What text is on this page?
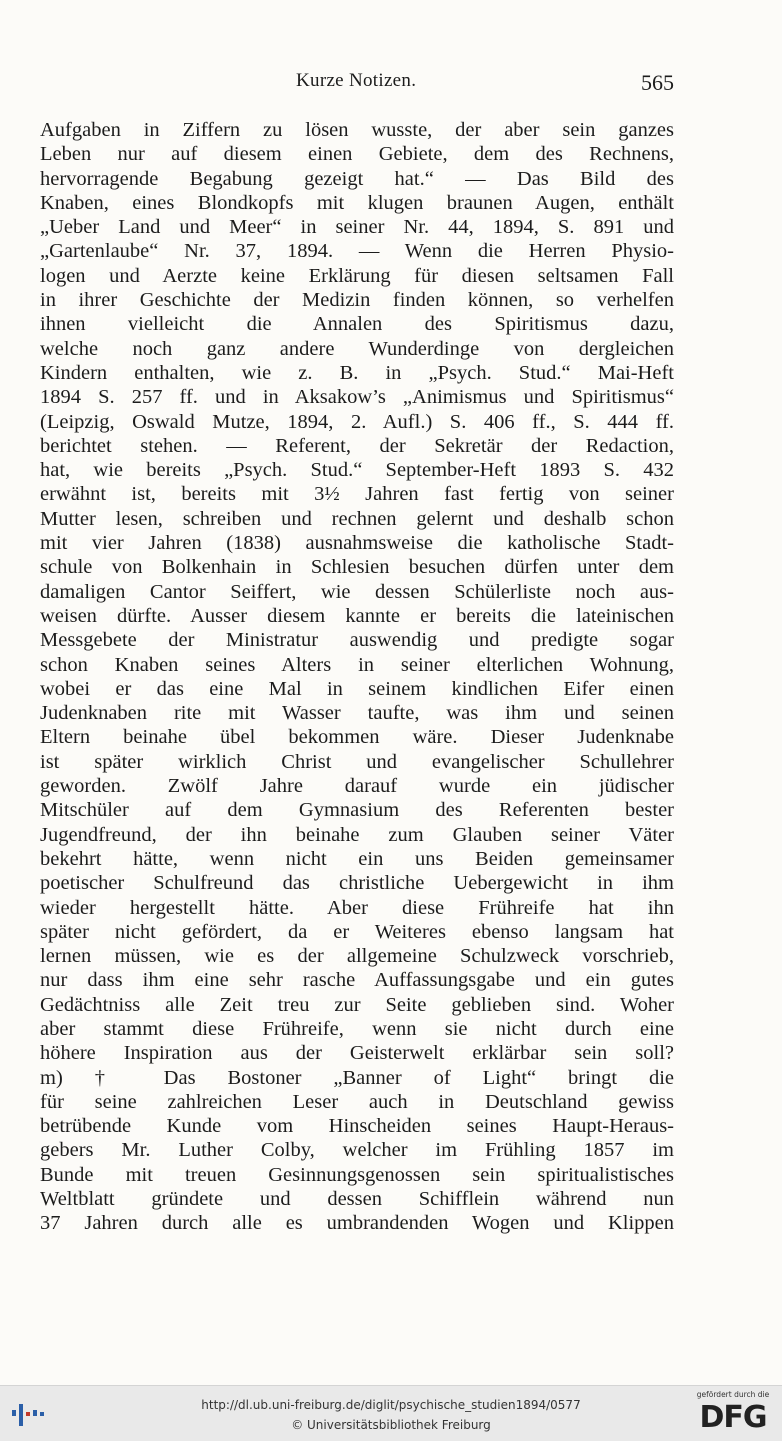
Kurze Notizen.	565
Aufgaben in Ziffern zu lösen wusste, der aber sein ganzes
Leben nur auf diesem einen Gebiete, dem des Rechnens,
hervorragende Begabung gezeigt hat.“ — Das Bild des
Knaben, eines Blondkopfs mit klugen braunen Augen, enthält
„Ueber Land und Meer“ in seiner Nr. 44, 1894, S. 891 und
„Gartenlaube“ Nr. 37, 1894. — Wenn die Herren Physio-
logen und Aerzte keine Erklärung für diesen seltsamen Fall
in ihrer Geschichte der Medizin finden können, so verhelfen
ihnen vielleicht die Annalen des Spiritismus dazu,
welche noch ganz andere Wunderdinge von dergleichen
Kindern enthalten, wie z. B. in „Psych. Stud.“ Mai-Heft
1894 S. 257 ff. und in Aksakow’s „Animismus und Spiritismus“
(Leipzig, Oswald Mutze, 1894, 2. Aufl.) S. 406 ff., S. 444 ff.
berichtet stehen. — Referent, der Sekretär der Redaction,
hat, wie bereits „Psych. Stud.“ September-Heft 1893 S. 432
erwähnt ist, bereits mit 3½ Jahren fast fertig von seiner
Mutter lesen, schreiben und rechnen gelernt und deshalb schon
mit vier Jahren (1838) ausnahmsweise die katholische Stadt-
schule von Bolkenhain in Schlesien besuchen dürfen unter dem
damaligen Cantor Seiffert, wie dessen Schülerliste noch aus-
weisen dürfte. Ausser diesem kannte er bereits die lateinischen
Messgebete der Ministratur auswendig und predigte sogar
schon Knaben seines Alters in seiner elterlichen Wohnung,
wobei er das eine Mal in seinem kindlichen Eifer einen
Judenknaben rite mit Wasser taufte, was ihm und seinen
Eltern beinahe übel bekommen wäre. Dieser Judenknabe
ist später wirklich Christ und evangelischer Schullehrer
geworden. Zwölf Jahre darauf wurde ein jüdischer
Mitschüler auf dem Gymnasium des Referenten bester
Jugendfreund, der ihn beinahe zum Glauben seiner Väter
bekehrt hätte, wenn nicht ein uns Beiden gemeinsamer
poetischer Schulfreund das christliche Uebergewicht in ihm
wieder hergestellt hätte. Aber diese Frühreife hat ihn
später nicht gefördert, da er Weiteres ebenso langsam hat
lernen müssen, wie es der allgemeine Schulzweck vorschrieb,
nur dass ihm eine sehr rasche Auffassungsgabe und ein gutes
Gedächtniss alle Zeit treu zur Seite geblieben sind. Woher
aber stammt diese Frühreife, wenn sie nicht durch eine
höhere Inspiration aus der Geisterwelt erklärbar sein soll?
m) † Das Bostoner „Banner of Light“ bringt die
für seine zahlreichen Leser auch in Deutschland gewiss
betrübende Kunde vom Hinscheiden seines Haupt-Heraus-
gebers Mr. Luther Colby, welcher im Frühling 1857 im
Bunde mit treuen Gesinnungsgenossen sein spiritualistisches
Weltblatt gründete und dessen Schifflein während nun
37 Jahren durch alle es umbrandenden Wogen und Klippen
http://dl.ub.uni-freiburg.de/diglit/psychische_studien1894/0577
© Universitätsbibliothek Freiburg
gefördert durch die
DFG
